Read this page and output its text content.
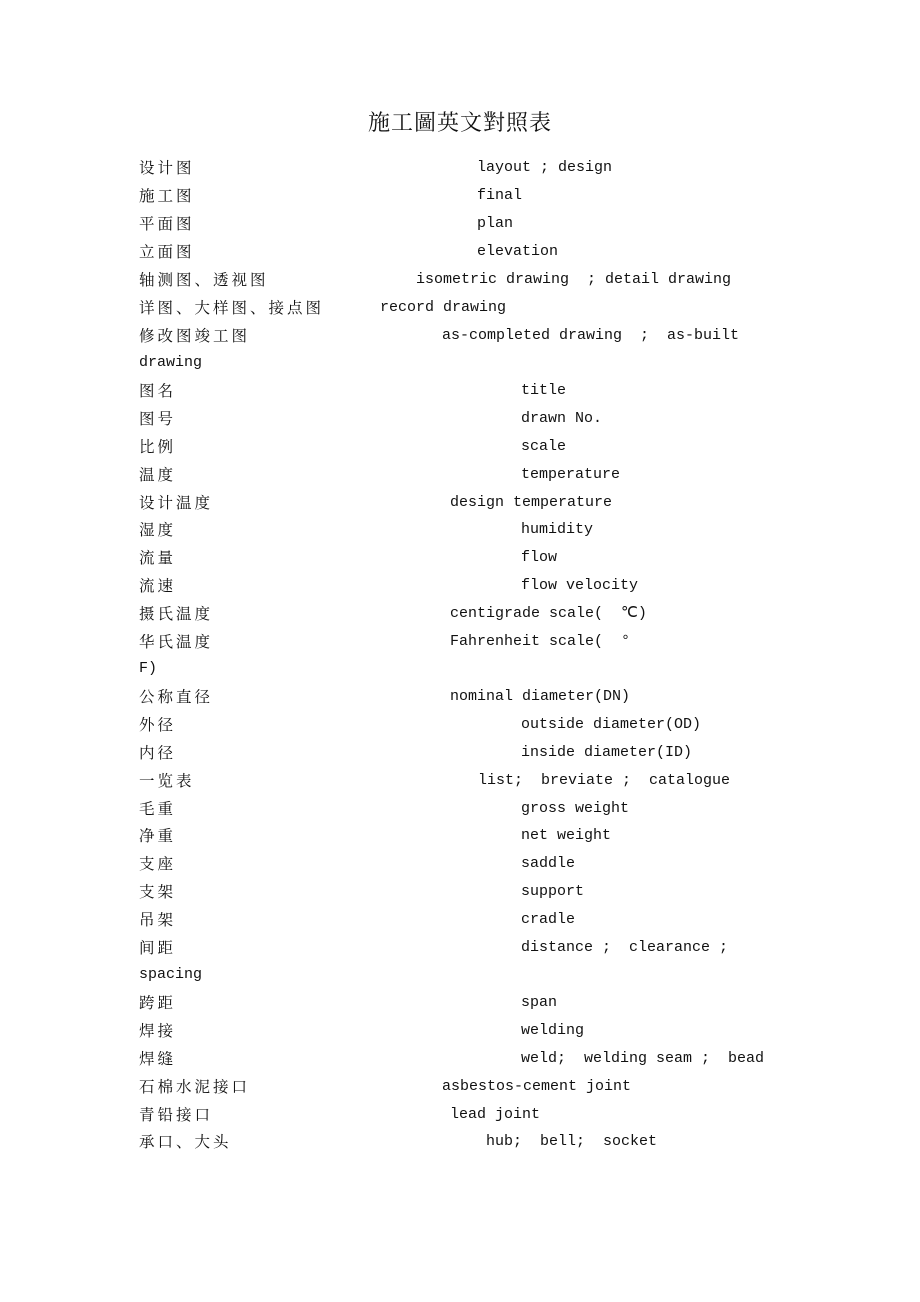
施工圖英文對照表
设计图	layout ; design
施工图	final
平面图	plan
立面图	elevation
轴测图、透视图	isometric drawing  ; detail drawing
详图、大样图、接点图	record drawing
修改图竣工图	as-completed drawing  ;  as-built
drawing
图名	title
图号	drawn No.
比例	scale
温度	temperature
设计温度	design temperature
湿度	humidity
流量	flow
流速	flow velocity
摄氏温度	centigrade scale(  ℃)
华氏温度	Fahrenheit scale(  °
F)
公称直径	nominal diameter(DN)
外径	outside diameter(OD)
内径	inside diameter(ID)
一览表	list;  breviate ;  catalogue
毛重	gross weight
净重	net weight
支座	saddle
支架	support
吊架	cradle
间距	distance ;  clearance ;
spacing
跨距	span
焊接	welding
焊缝	weld;  welding seam ;  bead
石棉水泥接口	asbestos-cement joint
青铅接口	lead joint
承口、大头	hub;  bell;  socket
